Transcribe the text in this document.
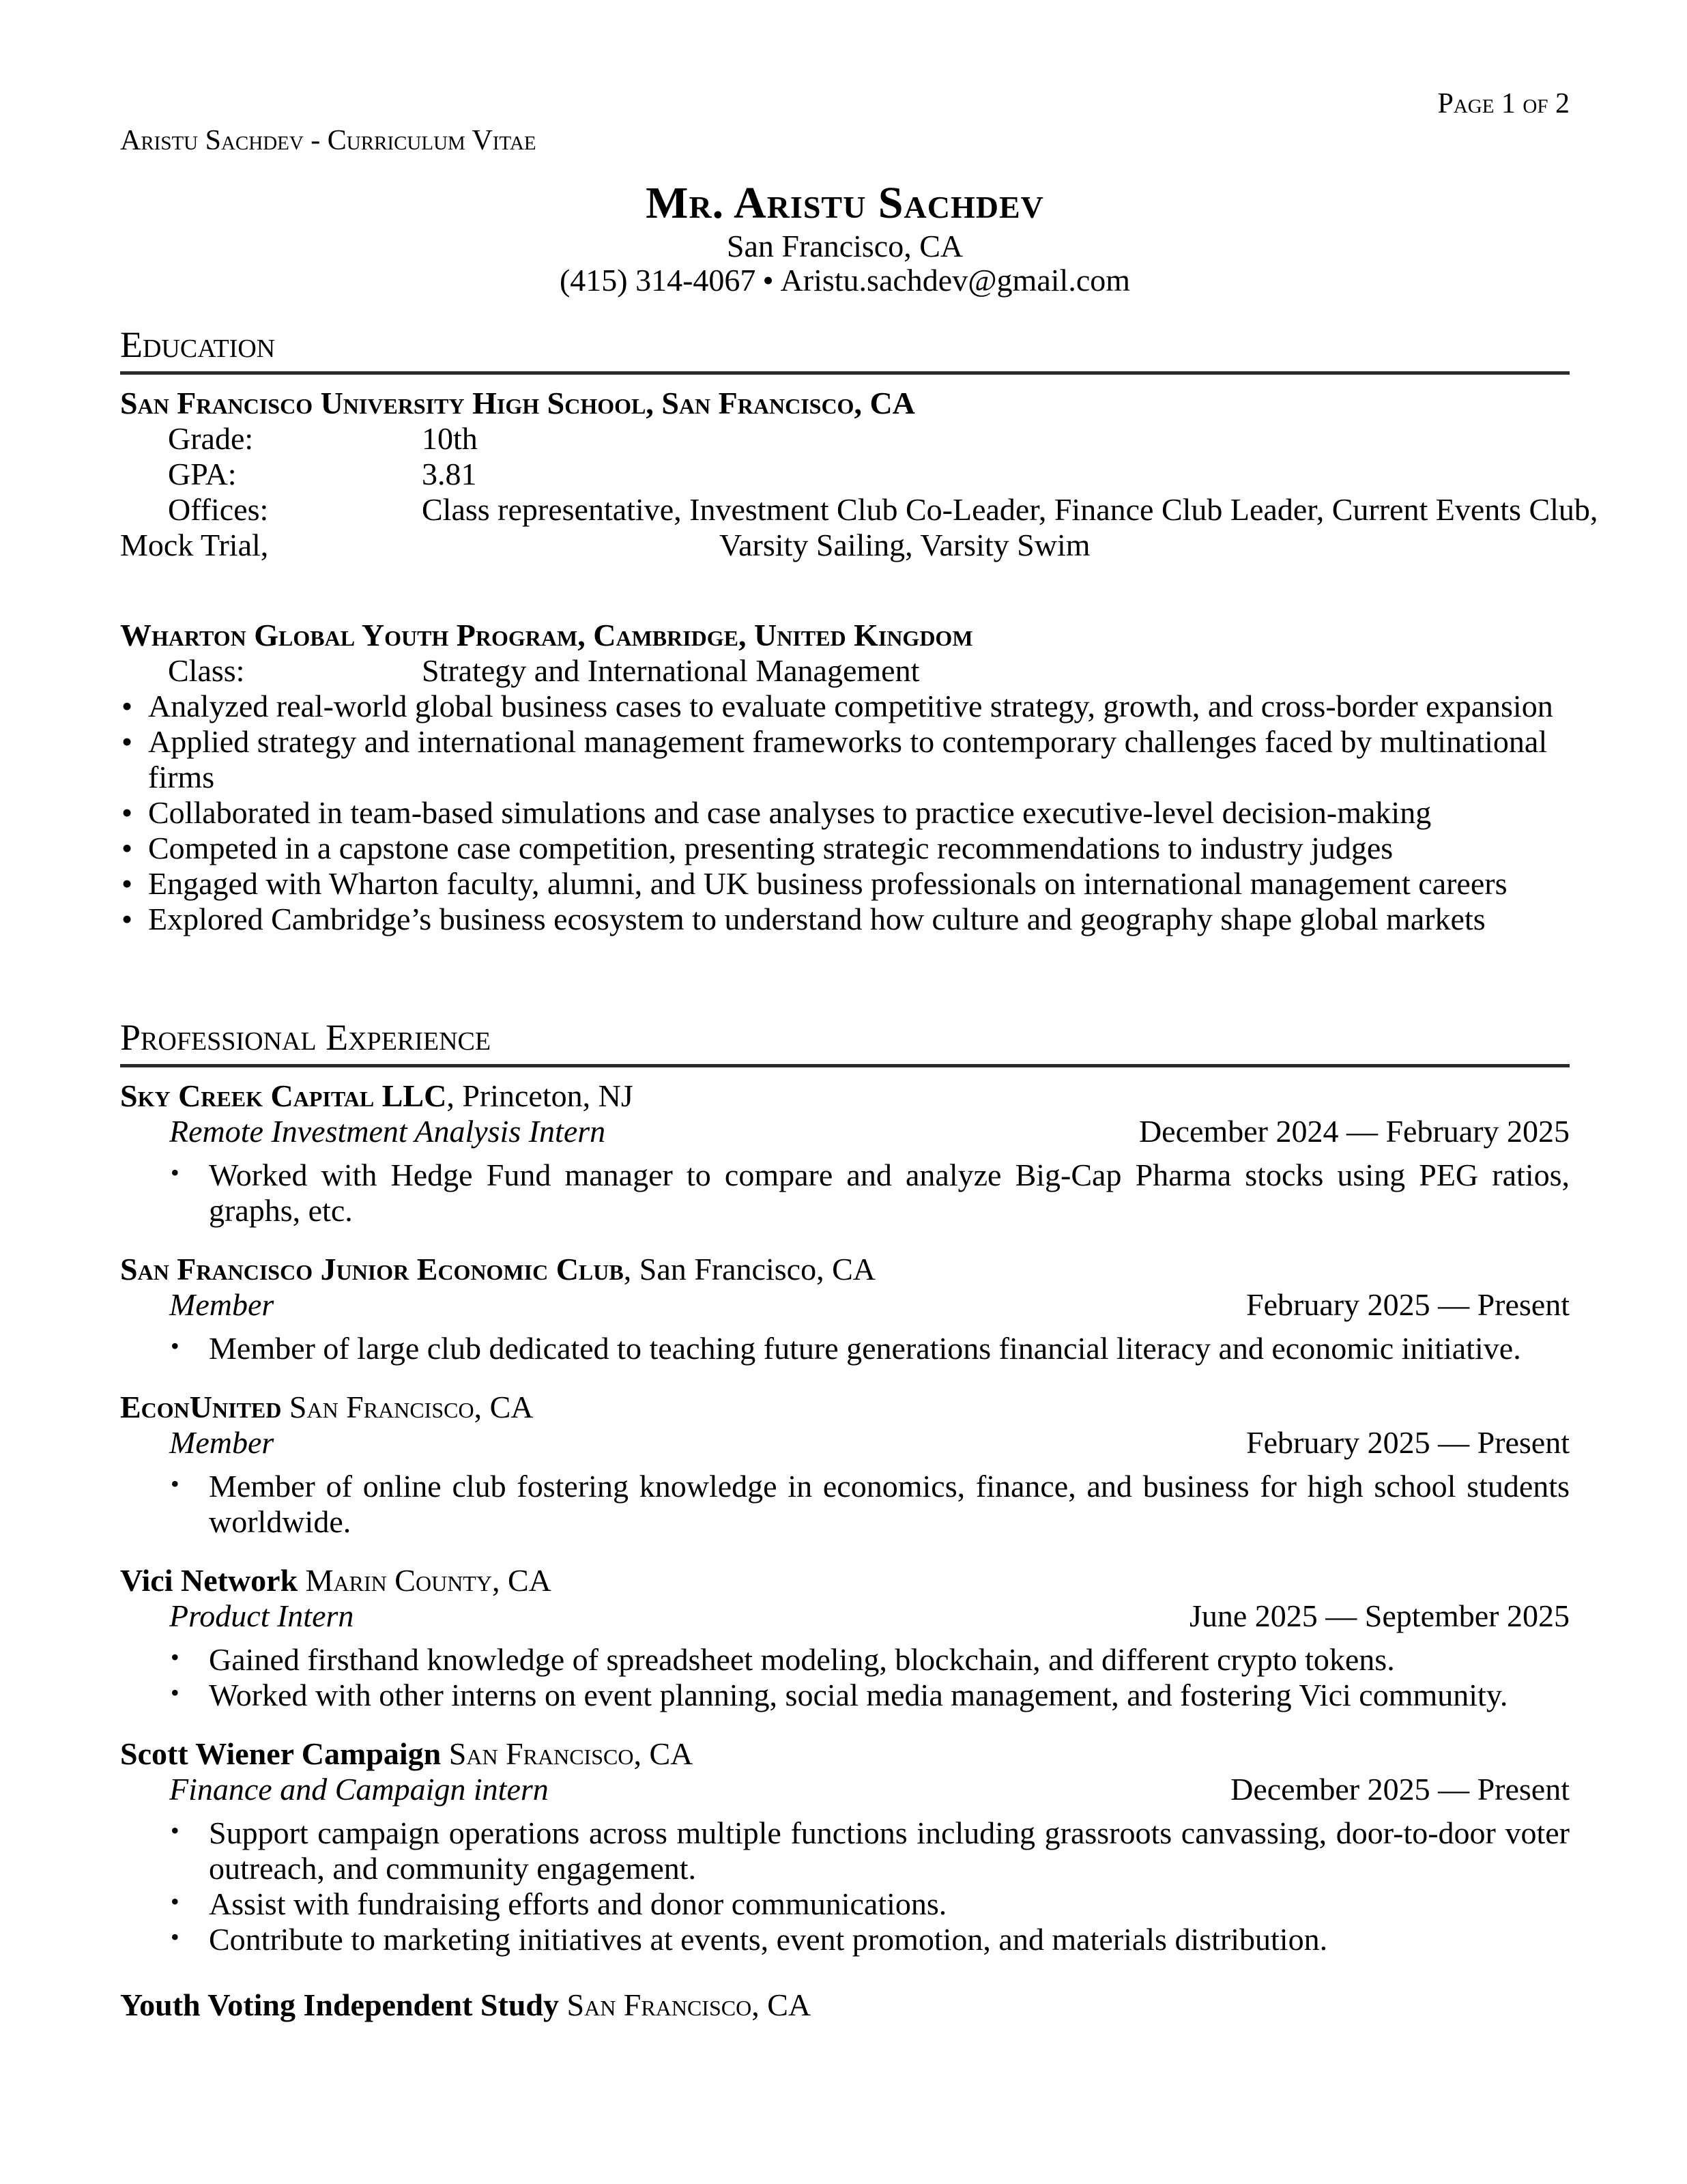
Page 1 of 2
Aristu Sachdev - Curriculum Vitae
Mr. Aristu Sachdev
San Francisco, CA
(415) 314-4067 • Aristu.sachdev@gmail.com
Education
San Francisco University High School, San Francisco, CA
Grade:	10th
GPA:	3.81
Offices:	Class representative, Investment Club Co-Leader, Finance Club Leader, Current Events Club,
Mock Trial,	Varsity Sailing, Varsity Swim
Wharton Global Youth Program, Cambridge, United Kingdom
Class:	Strategy and International Management
• Analyzed real-world global business cases to evaluate competitive strategy, growth, and cross-border expansion
• Applied strategy and international management frameworks to contemporary challenges faced by multinational firms
• Collaborated in team-based simulations and case analyses to practice executive-level decision-making
• Competed in a capstone case competition, presenting strategic recommendations to industry judges
• Engaged with Wharton faculty, alumni, and UK business professionals on international management careers
• Explored Cambridge’s business ecosystem to understand how culture and geography shape global markets
Professional Experience
Sky Creek Capital LLC, Princeton, NJ
Remote Investment Analysis Intern	December 2024 — February 2025
• Worked with Hedge Fund manager to compare and analyze Big-Cap Pharma stocks using PEG ratios, graphs, etc.
San Francisco Junior Economic Club, San Francisco, CA
Member	February 2025 — Present
• Member of large club dedicated to teaching future generations financial literacy and economic initiative.
EconUnited San Francisco, CA
Member	February 2025 — Present
• Member of online club fostering knowledge in economics, finance, and business for high school students worldwide.
Vici Network Marin County, CA
Product Intern	June 2025 — September 2025
• Gained firsthand knowledge of spreadsheet modeling, blockchain, and different crypto tokens.
• Worked with other interns on event planning, social media management, and fostering Vici community.
Scott Wiener Campaign San Francisco, CA
Finance and Campaign intern	December 2025 — Present
• Support campaign operations across multiple functions including grassroots canvassing, door-to-door voter outreach, and community engagement.
• Assist with fundraising efforts and donor communications.
• Contribute to marketing initiatives at events, event promotion, and materials distribution.
Youth Voting Independent Study San Francisco, CA
